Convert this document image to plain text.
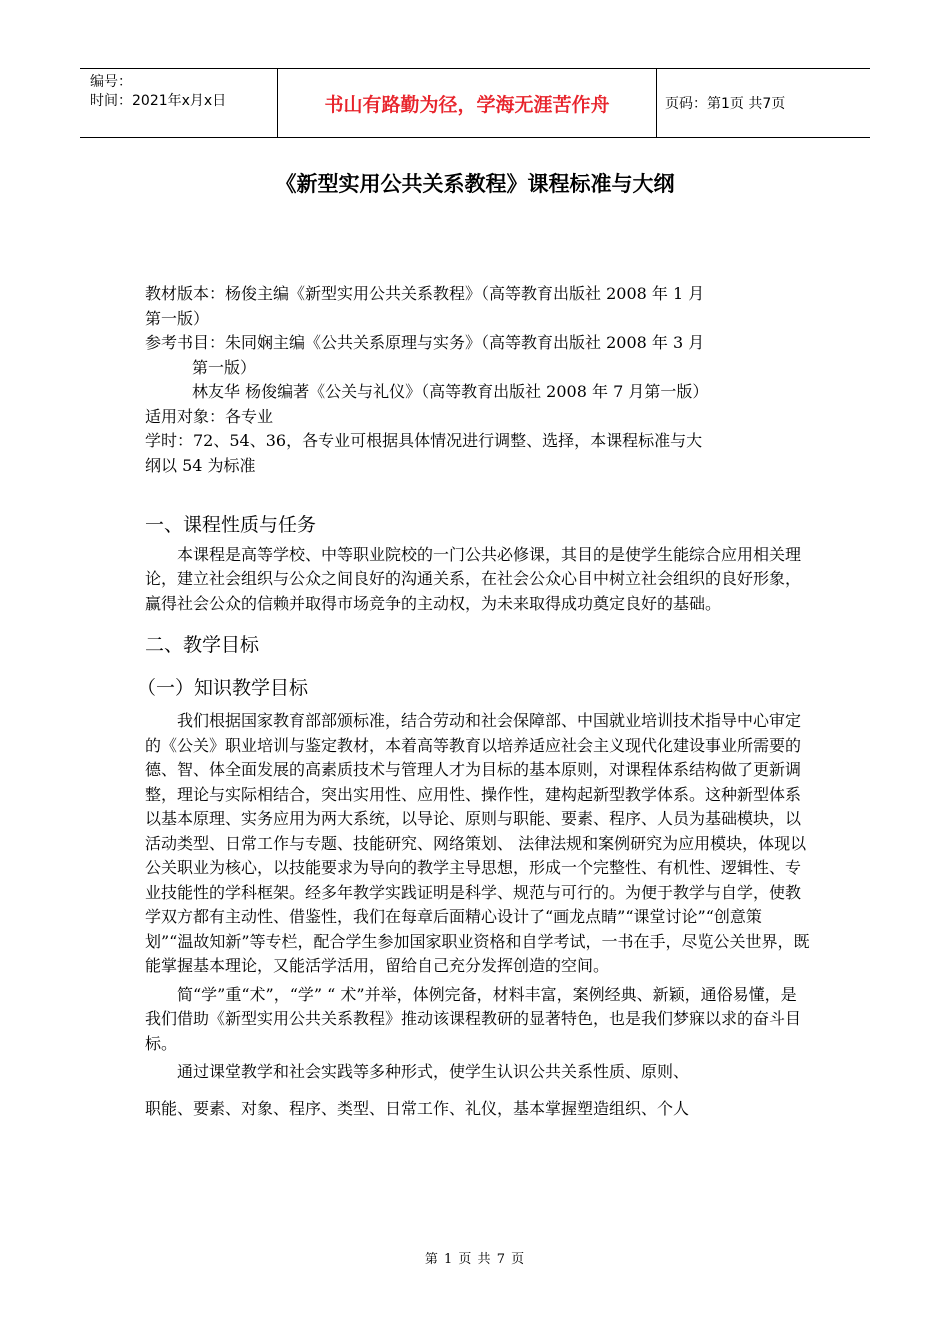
编号：
时间：2021年x月x日	书山有路勤为径，学海无涯苦作舟	页码：第1页 共7页
《新型实用公共关系教程》课程标准与大纲

教材版本：杨俊主编《新型实用公共关系教程》（高等教育出版社 2008 年 1 月

第一版）

参考书目：朱同娴主编《公共关系原理与实务》（高等教育出版社 2008 年 3 月

第一版）

林友华 杨俊编著《公关与礼仪》（高等教育出版社 2008 年 7 月第一版）

适用对象：各专业

学时：72、54、36，各专业可根据具体情况进行调整、选择，本课程标准与大

纲以 54 为标准

一、课程性质与任务

本课程是高等学校、中等职业院校的一门公共必修课，其目的是使学生能综合应用相关理论，建立社会组织与公众之间良好的沟通关系，在社会公众心目中树立社会组织的良好形象，赢得社会公众的信赖并取得市场竞争的主动权，为未来取得成功奠定良好的基础。

二、教学目标

（一）知识教学目标

我们根据国家教育部部颁标准，结合劳动和社会保障部、中国就业培训技术指导中心审定的《公关》职业培训与鉴定教材，本着高等教育以培养适应社会主义现代化建设事业所需要的德、智、体全面发展的高素质技术与管理人才为目标的基本原则，对课程体系结构做了更新调整，理论与实际相结合，突出实用性、应用性、操作性，建构起新型教学体系。这种新型体系以基本原理、实务应用为两大系统，以导论、原则与职能、要素、程序、人员为基础模块，以活动类型、日常工作与专题、技能研究、网络策划、 法律法规和案例研究为应用模块，体现以公关职业为核心，以技能要求为导向的教学主导思想，形成一个完整性、有机性、逻辑性、专业技能性的学科框架。经多年教学实践证明是科学、规范与可行的。为便于教学与自学，使教学双方都有主动性、借鉴性，我们在每章后面精心设计了“画龙点睛”“课堂讨论”“创意策划”“温故知新”等专栏，配合学生参加国家职业资格和自学考试，一书在手，尽览公关世界，既能掌握基本理论，又能活学活用，留给自己充分发挥创造的空间。

简“学”重“术”，“学” “ 术”并举，体例完备，材料丰富，案例经典、新颖，通俗易懂，是我们借助《新型实用公共关系教程》推动该课程教研的显著特色，也是我们梦寐以求的奋斗目标。

通过课堂教学和社会实践等多种形式，使学生认识公共关系性质、原则、

职能、要素、对象、程序、类型、日常工作、礼仪，基本掌握塑造组织、个人

第 1 页 共 7 页
